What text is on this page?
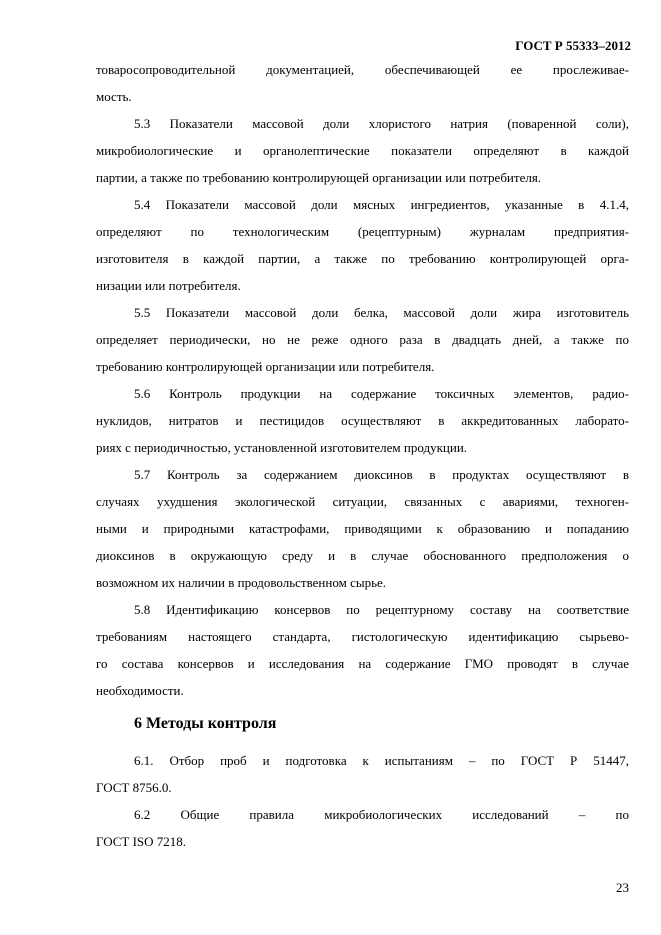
ГОСТ Р 55333–2012
товаросопроводительной документацией, обеспечивающей ее прослеживае-
мость.
5.3 Показатели массовой доли хлористого натрия (поваренной соли),
микробиологические и органолептические показатели определяют в каждой
партии, а также по требованию контролирующей организации или потребителя.
5.4 Показатели массовой доли мясных ингредиентов, указанные в 4.1.4,
определяют по технологическим (рецептурным) журналам предприятия-
изготовителя в каждой партии, а также по требованию контролирующей орга-
низации или потребителя.
5.5 Показатели массовой доли белка, массовой доли жира изготовитель
определяет периодически, но не реже одного раза в двадцать дней, а также по
требованию контролирующей организации или потребителя.
5.6 Контроль продукции на содержание токсичных элементов, радио-
нуклидов, нитратов и пестицидов осуществляют в аккредитованных лаборато-
риях с периодичностью, установленной изготовителем продукции.
5.7 Контроль за содержанием диоксинов в продуктах осуществляют в
случаях ухудшения экологической ситуации, связанных с авариями, техноген-
ными и природными катастрофами, приводящими к образованию и попаданию
диоксинов в окружающую среду и в случае обоснованного предположения о
возможном их наличии в продовольственном сырье.
5.8 Идентификацию консервов по рецептурному составу на соответствие
требованиям настоящего стандарта, гистологическую идентификацию сырьево-
го состава консервов и исследования на содержание ГМО проводят в случае
необходимости.
6 Методы контроля
6.1. Отбор проб и подготовка к испытаниям – по ГОСТ Р 51447,
ГОСТ 8756.0.
6.2 Общие правила микробиологических исследований – по
ГОСТ ISO 7218.
23
